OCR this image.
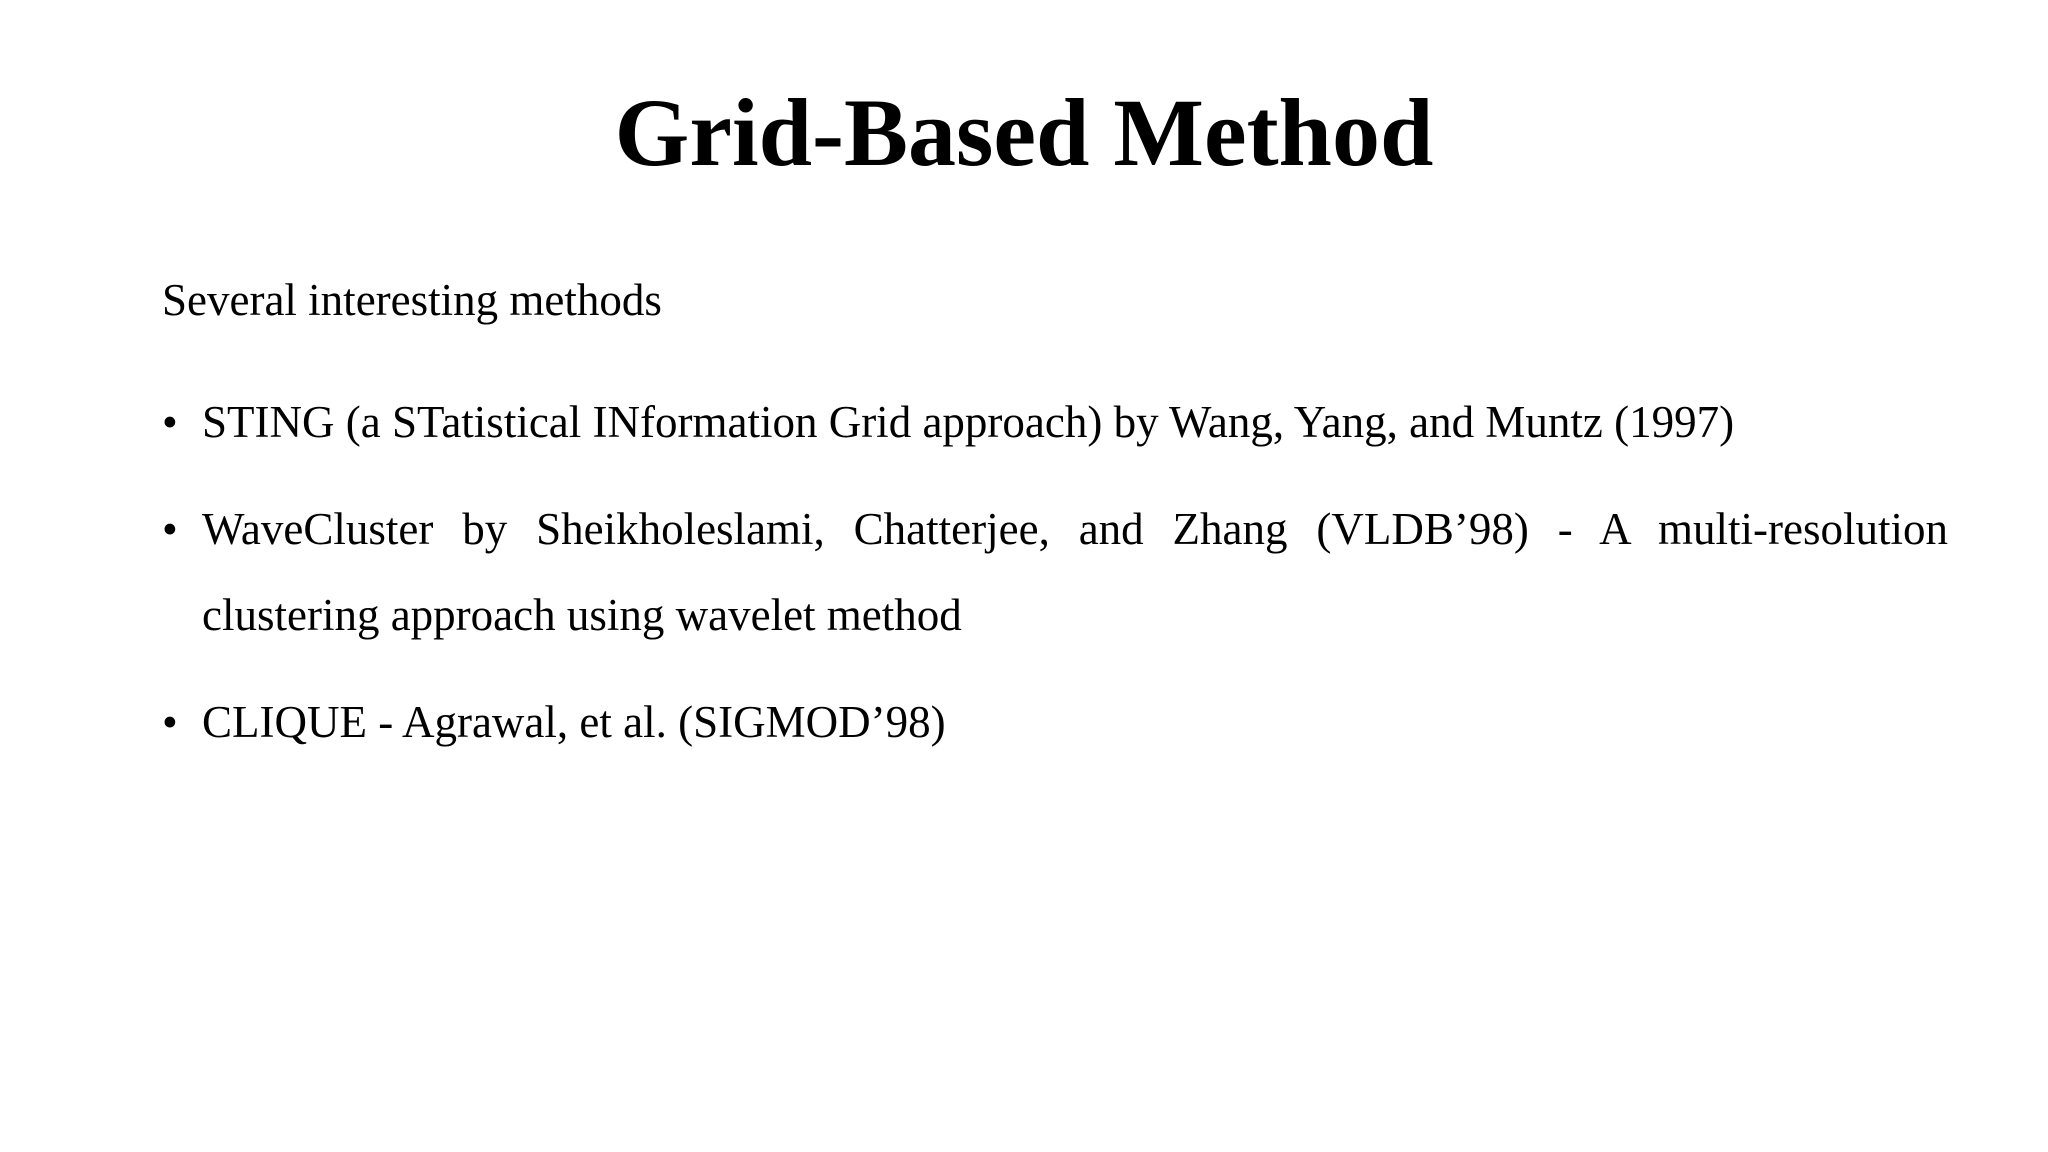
Grid-Based Method

Several interesting methods

• STING (a STatistical INformation Grid approach) by Wang, Yang, and Muntz (1997)
• WaveCluster by Sheikholeslami, Chatterjee, and Zhang (VLDB’98) - A multi-resolution clustering approach using wavelet method
• CLIQUE - Agrawal, et al. (SIGMOD’98)
